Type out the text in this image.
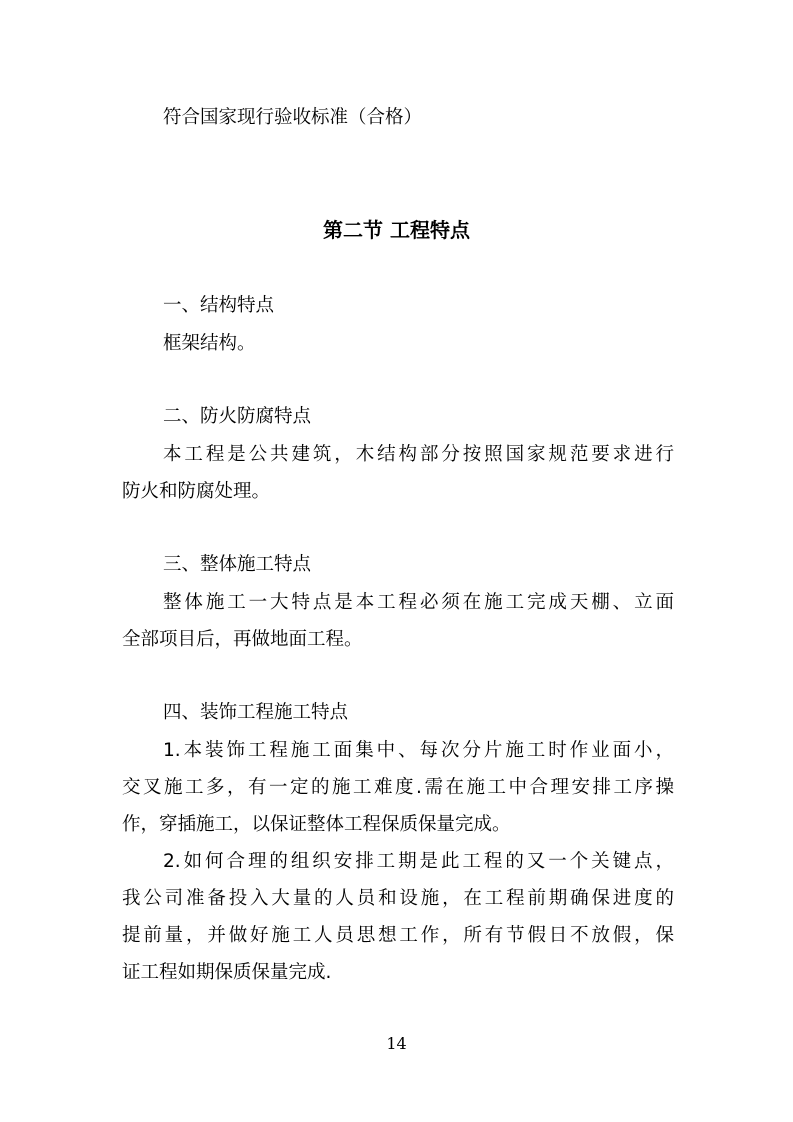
符合国家现行验收标准（合格）

第二节 工程特点

一、结构特点

框架结构。

二、防火防腐特点

本工程是公共建筑，木结构部分按照国家规范要求进行

防火和防腐处理。

三、整体施工特点

整体施工一大特点是本工程必须在施工完成天棚、立面

全部项目后，再做地面工程。

四、装饰工程施工特点

1.本装饰工程施工面集中、每次分片施工时作业面小，

交叉施工多，有一定的施工难度.需在施工中合理安排工序操

作，穿插施工，以保证整体工程保质保量完成。

2.如何合理的组织安排工期是此工程的又一个关键点，

我公司准备投入大量的人员和设施，在工程前期确保进度的

提前量，并做好施工人员思想工作，所有节假日不放假，保

证工程如期保质保量完成.

14
